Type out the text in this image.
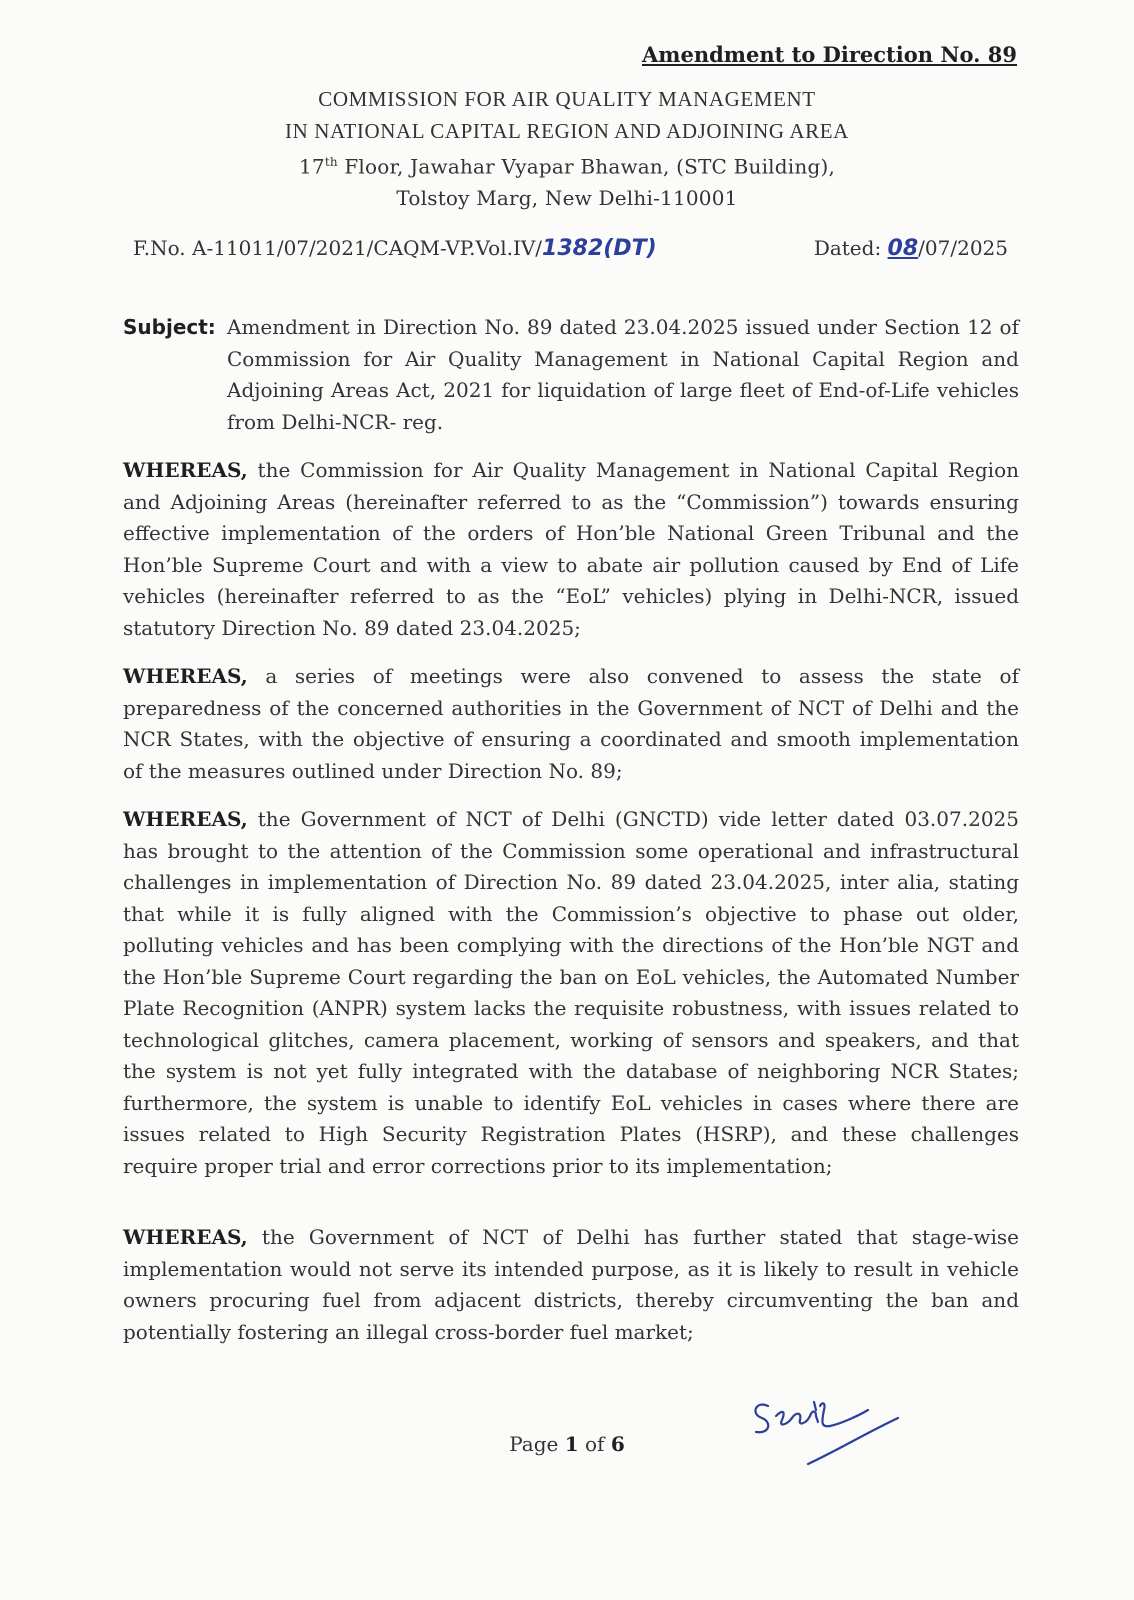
Amendment to Direction No. 89
COMMISSION FOR AIR QUALITY MANAGEMENT
IN NATIONAL CAPITAL REGION AND ADJOINING AREA
17th Floor, Jawahar Vyapar Bhawan, (STC Building),
Tolstoy Marg, New Delhi-110001
F.No. A-11011/07/2021/CAQM-VP.Vol.IV/1382(DT)	Dated: 08/07/2025
Subject: Amendment in Direction No. 89 dated 23.04.2025 issued under Section 12 of Commission for Air Quality Management in National Capital Region and Adjoining Areas Act, 2021 for liquidation of large fleet of End-of-Life vehicles from Delhi-NCR- reg.
WHEREAS, the Commission for Air Quality Management in National Capital Region and Adjoining Areas (hereinafter referred to as the “Commission”) towards ensuring effective implementation of the orders of Hon’ble National Green Tribunal and the Hon’ble Supreme Court and with a view to abate air pollution caused by End of Life vehicles (hereinafter referred to as the “EoL” vehicles) plying in Delhi-NCR, issued statutory Direction No. 89 dated 23.04.2025;
WHEREAS, a series of meetings were also convened to assess the state of preparedness of the concerned authorities in the Government of NCT of Delhi and the NCR States, with the objective of ensuring a coordinated and smooth implementation of the measures outlined under Direction No. 89;
WHEREAS, the Government of NCT of Delhi (GNCTD) vide letter dated 03.07.2025 has brought to the attention of the Commission some operational and infrastructural challenges in implementation of Direction No. 89 dated 23.04.2025, inter alia, stating that while it is fully aligned with the Commission’s objective to phase out older, polluting vehicles and has been complying with the directions of the Hon’ble NGT and the Hon’ble Supreme Court regarding the ban on EoL vehicles, the Automated Number Plate Recognition (ANPR) system lacks the requisite robustness, with issues related to technological glitches, camera placement, working of sensors and speakers, and that the system is not yet fully integrated with the database of neighboring NCR States; furthermore, the system is unable to identify EoL vehicles in cases where there are issues related to High Security Registration Plates (HSRP), and these challenges require proper trial and error corrections prior to its implementation;
WHEREAS, the Government of NCT of Delhi has further stated that stage-wise implementation would not serve its intended purpose, as it is likely to result in vehicle owners procuring fuel from adjacent districts, thereby circumventing the ban and potentially fostering an illegal cross-border fuel market;
Page 1 of 6
